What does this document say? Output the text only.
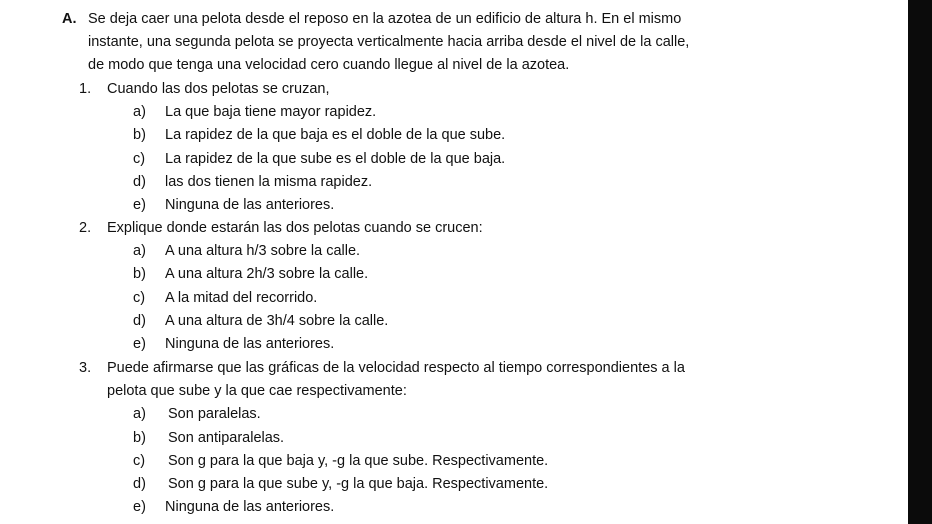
A. Se deja caer una pelota desde el reposo en la azotea de un edificio de altura h. En el mismo
instante, una segunda pelota se proyecta verticalmente hacia arriba desde el nivel de la calle,
de modo que tenga una velocidad cero cuando llegue al nivel de la azotea.
1. Cuando las dos pelotas se cruzan,
a) La que baja tiene mayor rapidez.
b) La rapidez de la que baja es el doble de la que sube.
c) La rapidez de la que sube es el doble de la que baja.
d) las dos tienen la misma rapidez.
e) Ninguna de las anteriores.
2. Explique donde estarán las dos pelotas cuando se crucen:
a) A una altura h/3 sobre la calle.
b) A una altura 2h/3 sobre la calle.
c) A la mitad del recorrido.
d) A una altura de 3h/4 sobre la calle.
e) Ninguna de las anteriores.
3. Puede afirmarse que las gráficas de la velocidad respecto al tiempo correspondientes a la
pelota que sube y la que cae respectivamente:
a) Son paralelas.
b) Son antiparalelas.
c) Son g para la que baja y, -g la que sube. Respectivamente.
d) Son g para la que sube y, -g la que baja. Respectivamente.
e) Ninguna de las anteriores.
